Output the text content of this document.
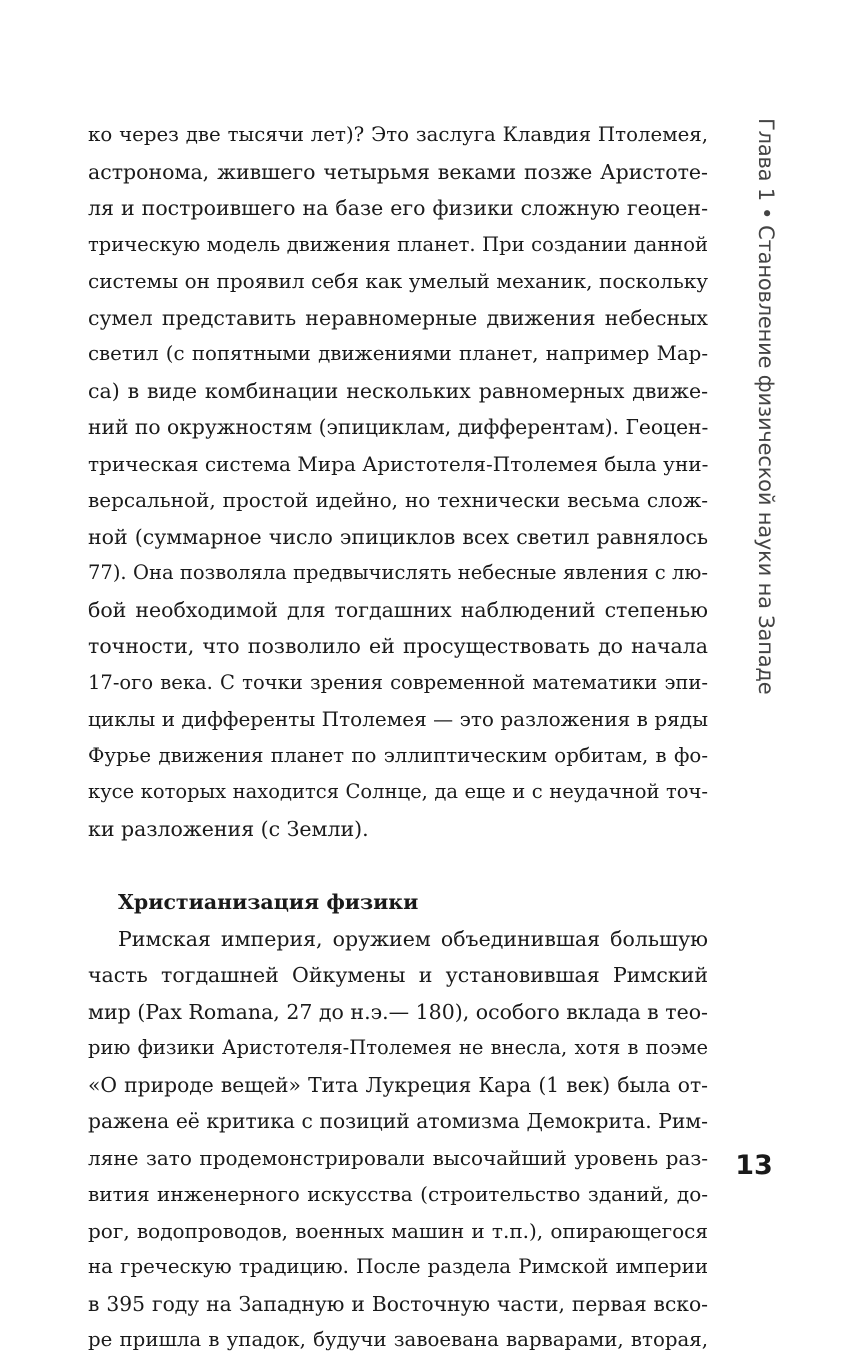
Глава 1•Становление физической науки на Западе
ко через две тысячи лет)? Это заслуга Клавдия Птолемея,
астронома, жившего четырьмя веками позже Аристоте-
ля и построившего на базе его физики сложную геоцен-
трическую модель движения планет. При создании данной
системы он проявил себя как умелый механик, поскольку
сумел представить неравномерные движения небесных
светил (с попятными движениями планет, например Мар-
са) в виде комбинации нескольких равномерных движе-
ний по окружностям (эпициклам, дифферентам). Геоцен-
трическая система Мира Аристотеля-Птолемея была уни-
версальной, простой идейно, но технически весьма слож-
ной (суммарное число эпициклов всех светил равнялось
77). Она позволяла предвычислять небесные явления с лю-
бой необходимой для тогдашних наблюдений степенью
точности, что позволило ей просуществовать до начала
17-ого века. С точки зрения современной математики эпи-
циклы и дифференты Птолемея — это разложения в ряды
Фурье движения планет по эллиптическим орбитам, в фо-
кусе которых находится Солнце, да еще и с неудачной точ-
ки разложения (с Земли).
Христианизация физики
Римская империя, оружием объединившая большую
часть тогдашней Ойкумены и установившая Римский
мир (Pax Romana, 27 до н.э.— 180), особого вклада в тео-
рию физики Аристотеля-Птолемея не внесла, хотя в поэме
«О природе вещей» Тита Лукреция Кара (1 век) была от-
ражена её критика с позиций атомизма Демокрита. Рим-
ляне зато продемонстрировали высочайший уровень раз-
вития инженерного искусства (строительство зданий, до-
рог, водопроводов, военных машин и т.п.), опирающегося
на греческую традицию. После раздела Римской империи
в 395 году на Западную и Восточную части, первая вско-
ре пришла в упадок, будучи завоевана варварами, вторая,
13
